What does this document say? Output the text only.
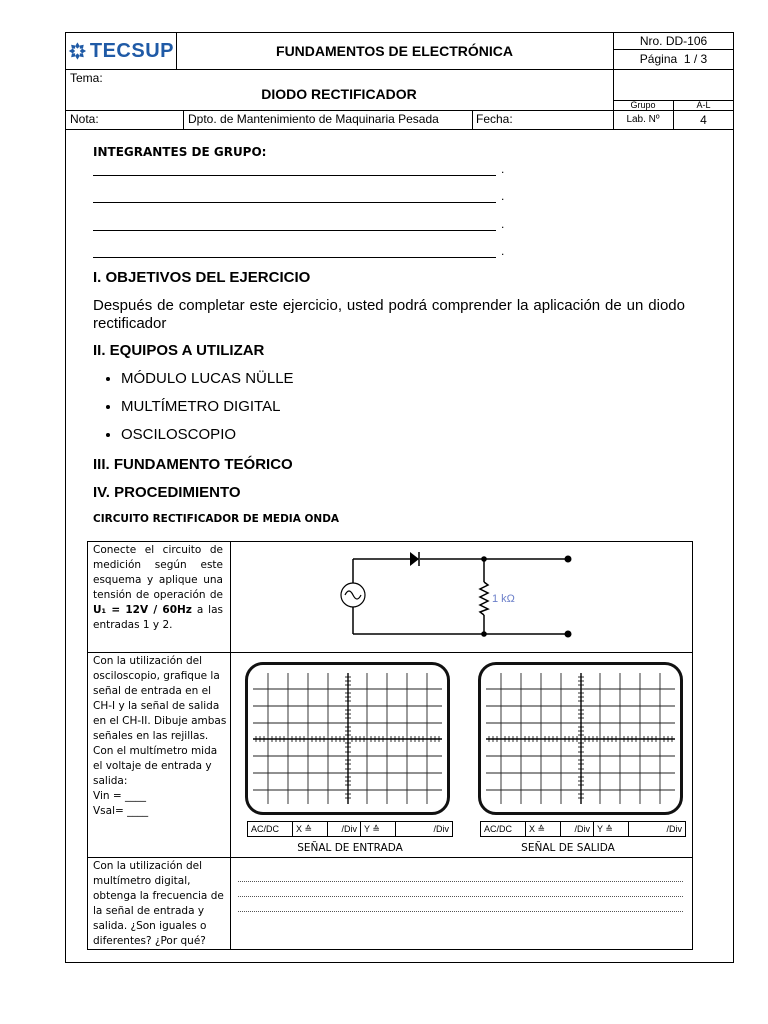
TECSUP	FUNDAMENTOS DE ELECTRÓNICA
Nro. DD-106
Página
1 / 3
Tema:
DIODO RECTIFICADOR
Grupo	A-L
Nota:	Dpto. de Mantenimiento de Maquinaria Pesada	Fecha:	Lab. Nº	4
INTEGRANTES DE GRUPO:
.
.
.
.
I. OBJETIVOS DEL EJERCICIO
Después de completar este ejercicio, usted podrá comprender la aplicación de un diodo rectificador
II. EQUIPOS A UTILIZAR
• MÓDULO LUCAS NÜLLE
• MULTÍMETRO DIGITAL
• OSCILOSCOPIO
III. FUNDAMENTO TEÓRICO
IV. PROCEDIMIENTO
CIRCUITO RECTIFICADOR DE MEDIA ONDA
Conecte el circuito de medición según este esquema y aplique una tensión de operación de U₁ = 12V / 60Hz a las entradas 1 y 2.
1 kΩ
Con la utilización del osciloscopio, grafique la señal de entrada en el CH-I y la señal de salida en el CH-II. Dibuje ambas señales en las rejillas.
Con el multímetro mida el voltaje de entrada y salida:
Vin = ____
Vsal= ____
AC/DC	X ≙	/Div Y ≙	/Div	AC/DC	X ≙	/Div Y ≙	/Div
SEÑAL DE ENTRADA	SEÑAL DE SALIDA
Con la utilización del multímetro digital, obtenga la frecuencia de la señal de entrada y salida. ¿Son iguales o diferentes? ¿Por qué?
